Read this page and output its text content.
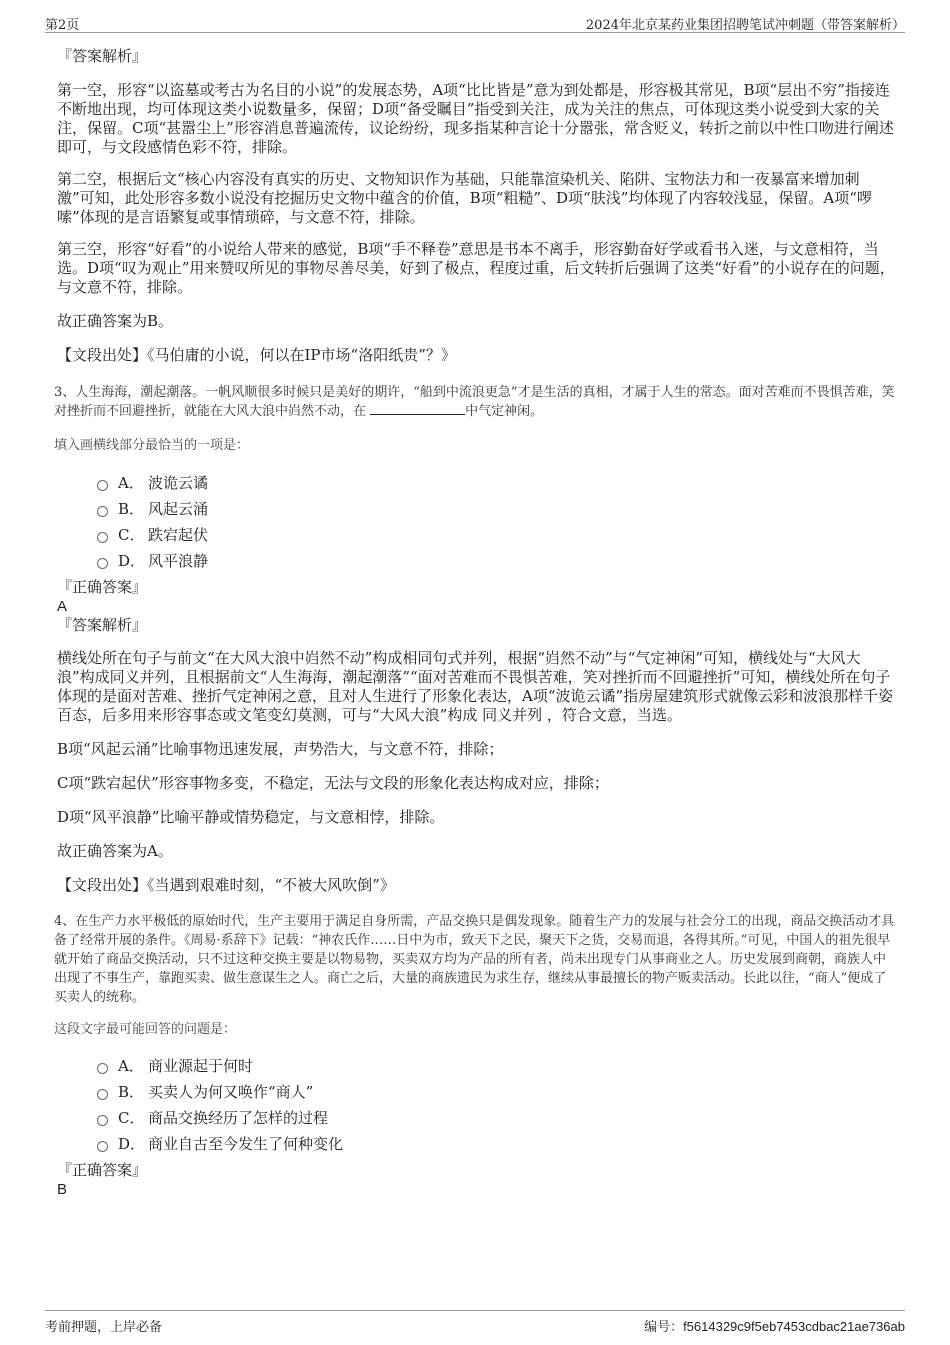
第2页	2024年北京某药业集团招聘笔试冲刺题（带答案解析）
『答案解析』

第一空，形容“以盗墓或考古为名目的小说”的发展态势，A项“比比皆是”意为到处都是，形容极其常见，B项“层出不穷”指接连不断地出现，均可体现这类小说数量多，保留；D项“备受瞩目”指受到关注，成为关注的焦点，可体现这类小说受到大家的关注，保留。C项“甚嚣尘上”形容消息普遍流传，议论纷纷，现多指某种言论十分嚣张，常含贬义，转折之前以中性口吻进行阐述即可，与文段感情色彩不符，排除。

第二空，根据后文“核心内容没有真实的历史、文物知识作为基础，只能靠渲染机关、陷阱、宝物法力和一夜暴富来增加刺激”可知，此处形容多数小说没有挖掘历史文物中蕴含的价值，B项“粗糙”、D项“肤浅”均体现了内容较浅显，保留。A项“啰嗦”体现的是言语繁复或事情琐碎，与文意不符，排除。

第三空，形容“好看”的小说给人带来的感觉，B项“手不释卷”意思是书本不离手，形容勤奋好学或看书入迷，与文意相符，当选。D项“叹为观止”用来赞叹所见的事物尽善尽美，好到了极点，程度过重，后文转折后强调了这类“好看”的小说存在的问题，与文意不符，排除。

故正确答案为B。

【文段出处】《马伯庸的小说，何以在IP市场“洛阳纸贵”？》

3、人生海海，潮起潮落。一帆风顺很多时候只是美好的期许，“船到中流浪更急”才是生活的真相，才属于人生的常态。面对苦难而不畏惧苦难，笑对挫折而不回避挫折，就能在大风大浪中岿然不动，在	中气定神闲。

填入画横线部分最恰当的一项是：

A． 波诡云谲
B． 风起云涌
C． 跌宕起伏
D． 风平浪静
『正确答案』
A
『答案解析』

横线处所在句子与前文“在大风大浪中岿然不动”构成相同句式并列，根据“岿然不动”与“气定神闲”可知，横线处与“大风大浪”构成同义并列，且根据前文“人生海海，潮起潮落”“面对苦难而不畏惧苦难，笑对挫折而不回避挫折”可知，横线处所在句子体现的是面对苦难、挫折气定神闲之意，且对人生进行了形象化表达，A项“波诡云谲”指房屋建筑形式就像云彩和波浪那样千姿百态，后多用来形容事态或文笔变幻莫测，可与“大风大浪”构成 同义并列 ，符合文意，当选。

B项“风起云涌”比喻事物迅速发展，声势浩大，与文意不符，排除；

C项“跌宕起伏”形容事物多变，不稳定，无法与文段的形象化表达构成对应，排除；

D项“风平浪静”比喻平静或情势稳定，与文意相悖，排除。

故正确答案为A。

【文段出处】《当遇到艰难时刻，“不被大风吹倒”》

4、在生产力水平极低的原始时代，生产主要用于满足自身所需，产品交换只是偶发现象。随着生产力的发展与社会分工的出现，商品交换活动才具备了经常开展的条件。《周易·系辞下》记载：“神农氏作……日中为市，致天下之民，聚天下之货，交易而退，各得其所。”可见，中国人的祖先很早就开始了商品交换活动，只不过这种交换主要是以物易物，买卖双方均为产品的所有者，尚未出现专门从事商业之人。历史发展到商朝，商族人中出现了不事生产，靠跑买卖、做生意谋生之人。商亡之后，大量的商族遗民为求生存，继续从事最擅长的物产贩卖活动。长此以往，“商人”便成了买卖人的统称。

这段文字最可能回答的问题是：

A． 商业源起于何时
B． 买卖人为何又唤作“商人”
C． 商品交换经历了怎样的过程
D． 商业自古至今发生了何种变化
『正确答案』
B
考前押题，上岸必备	编号：f5614329c9f5eb7453cdbac21ae736ab
